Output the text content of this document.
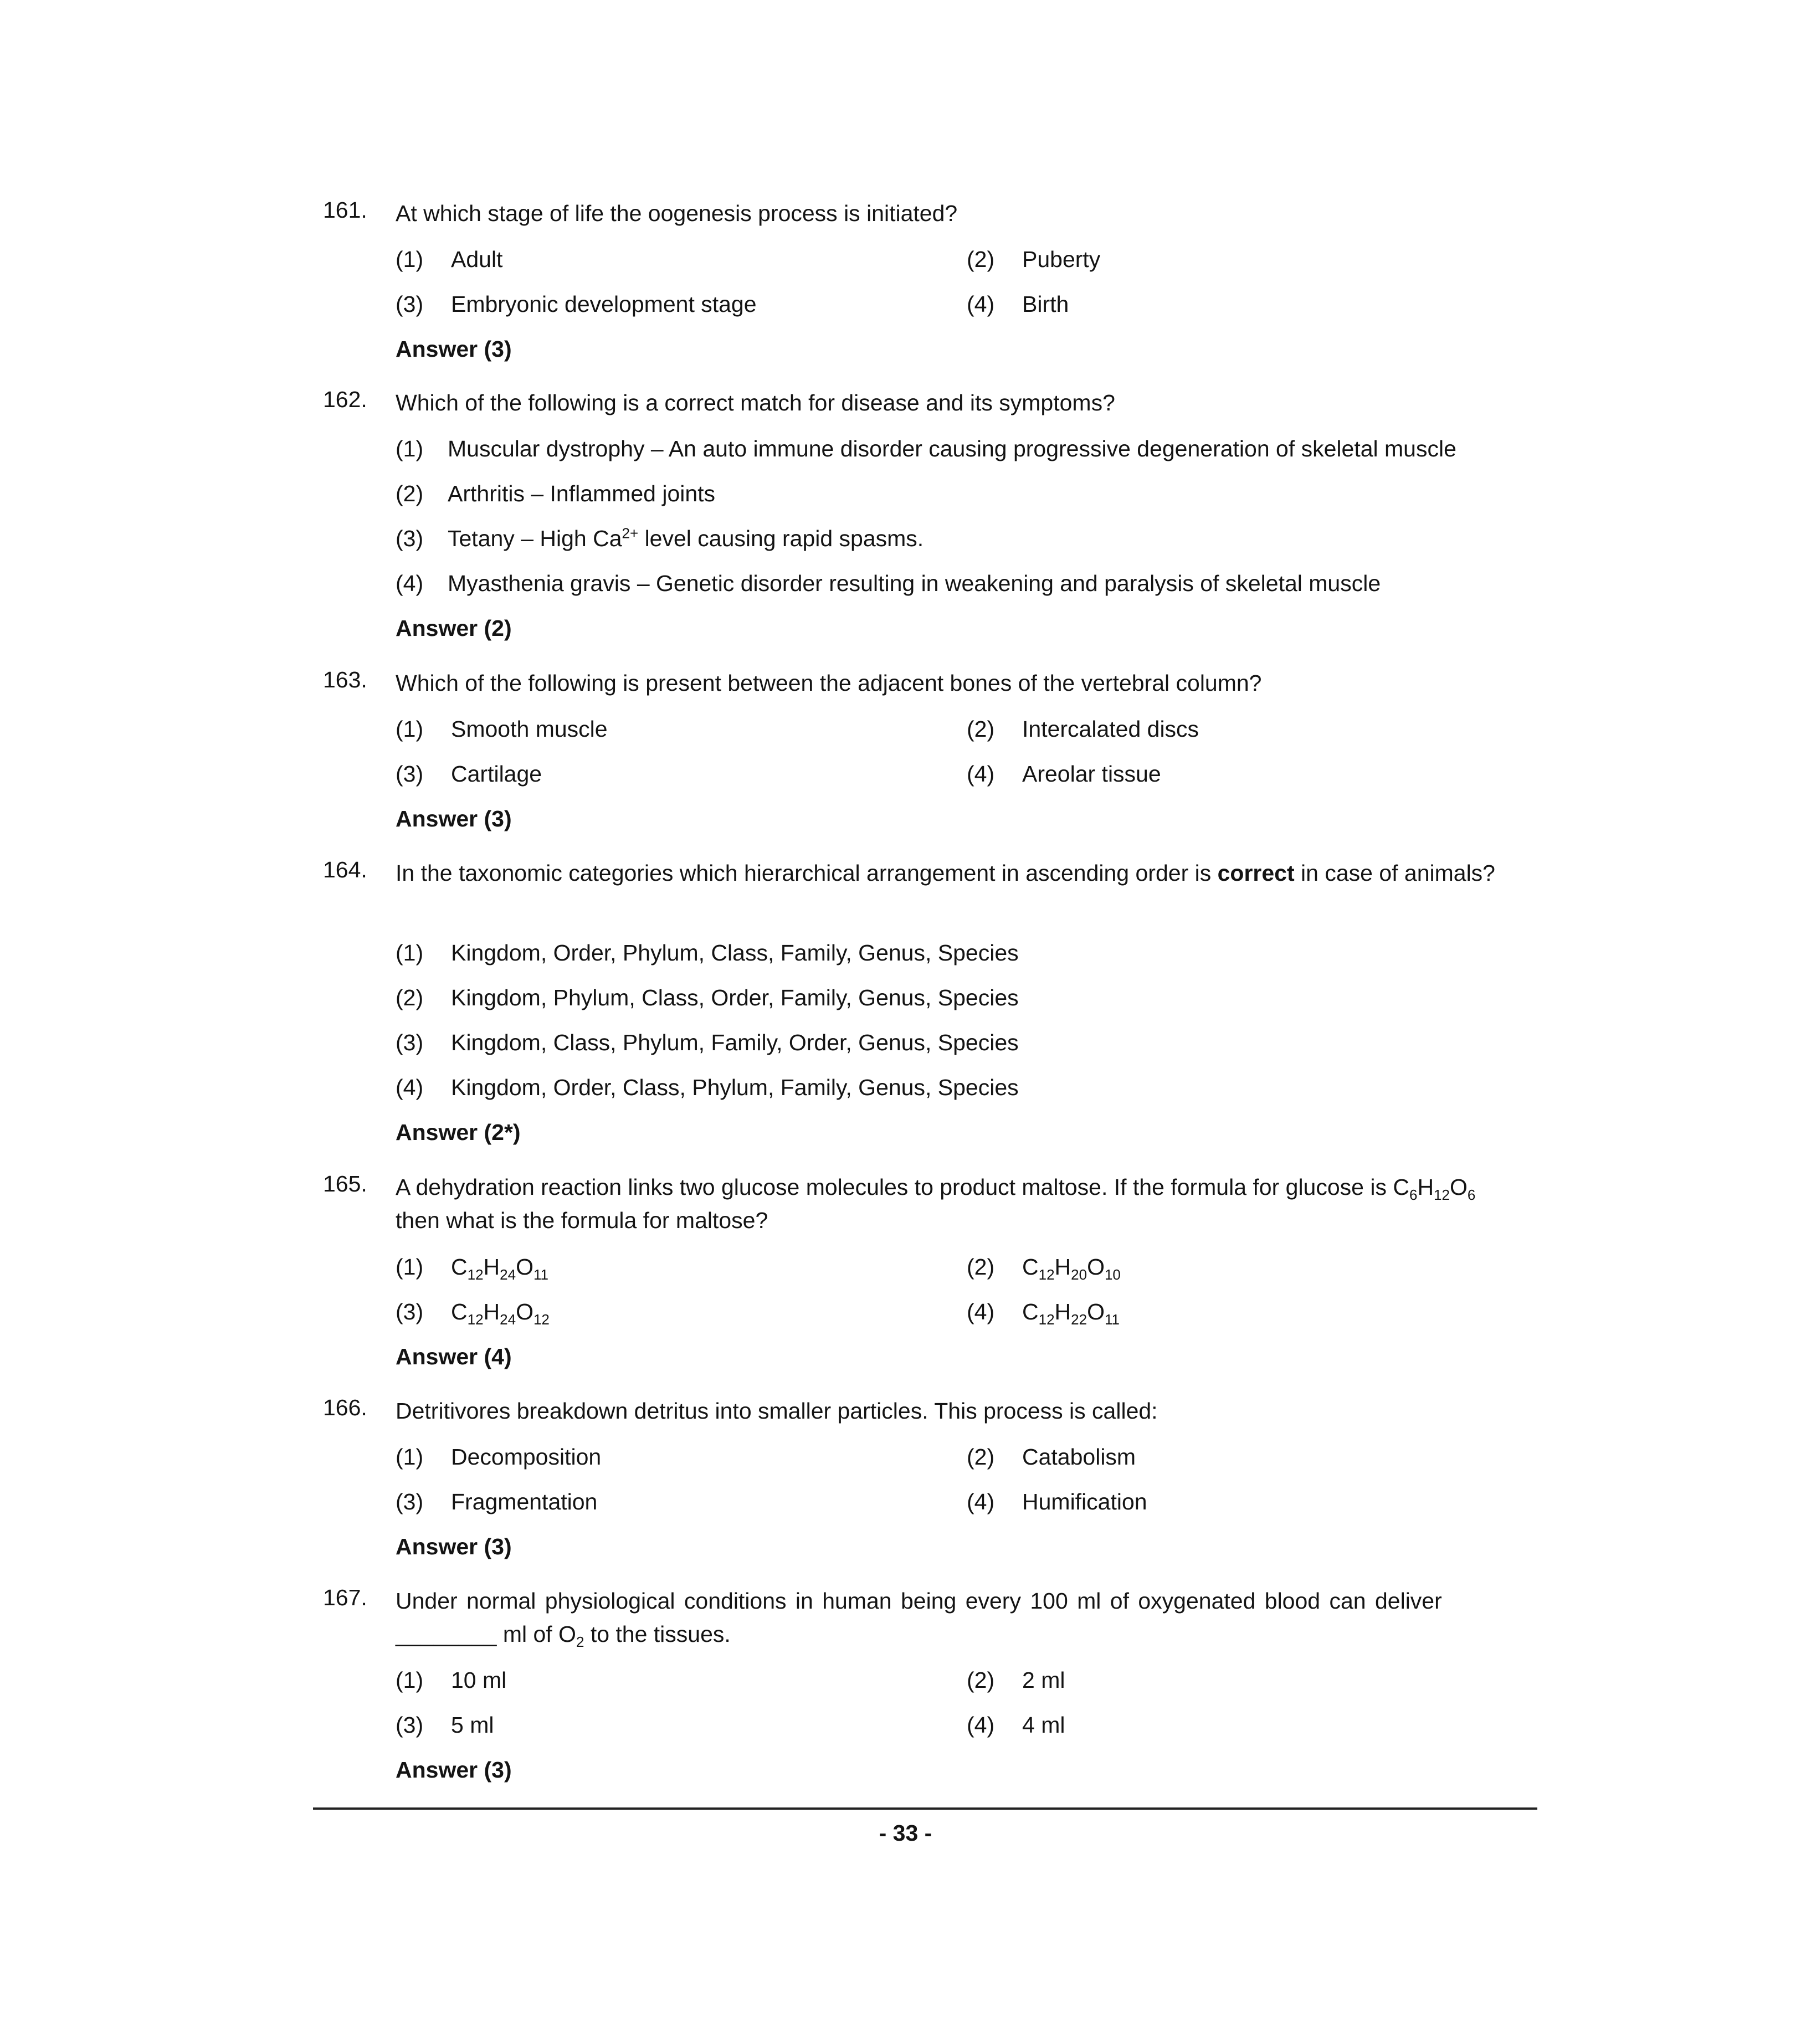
161. At which stage of life the oogenesis process is initiated?
(1) Adult	(2) Puberty
(3) Embryonic development stage	(4) Birth
Answer (3)
162. Which of the following is a correct match for disease and its symptoms?
(1) Muscular dystrophy – An auto immune disorder causing progressive degeneration of skeletal muscle
(2) Arthritis – Inflammed joints
(3) Tetany – High $Ca^{2+}$ level causing rapid spasms.
(4) Myasthenia gravis – Genetic disorder resulting in weakening and paralysis of skeletal muscle
Answer (2)
163. Which of the following is present between the adjacent bones of the vertebral column?
(1) Smooth muscle	(2) Intercalated discs
(3) Cartilage	(4) Areolar tissue
Answer (3)
164. In the taxonomic categories which hierarchical arrangement in ascending order is correct in case of animals?
(1) Kingdom, Order, Phylum, Class, Family, Genus, Species
(2) Kingdom, Phylum, Class, Order, Family, Genus, Species
(3) Kingdom, Class, Phylum, Family, Order, Genus, Species
(4) Kingdom, Order, Class, Phylum, Family, Genus, Species
Answer (2*)
165. A dehydration reaction links two glucose molecules to product maltose. If the formula for glucose is $C_6H_{12}O_6$
then what is the formula for maltose?
(1) $C_{12}H_{24}O_{11}$	(2) $C_{12}H_{20}O_{10}$
(3) $C_{12}H_{24}O_{12}$	(4) $C_{12}H_{22}O_{11}$
Answer (4)
166. Detritivores breakdown detritus into smaller particles. This process is called:
(1) Decomposition	(2) Catabolism
(3) Fragmentation	(4) Humification
Answer (3)
167. Under normal physiological conditions in human being every 100 ml of oxygenated blood can deliver
________ ml of $O_2$ to the tissues.
(1) 10 ml	(2) 2 ml
(3) 5 ml	(4) 4 ml
Answer (3)
- 33 -
